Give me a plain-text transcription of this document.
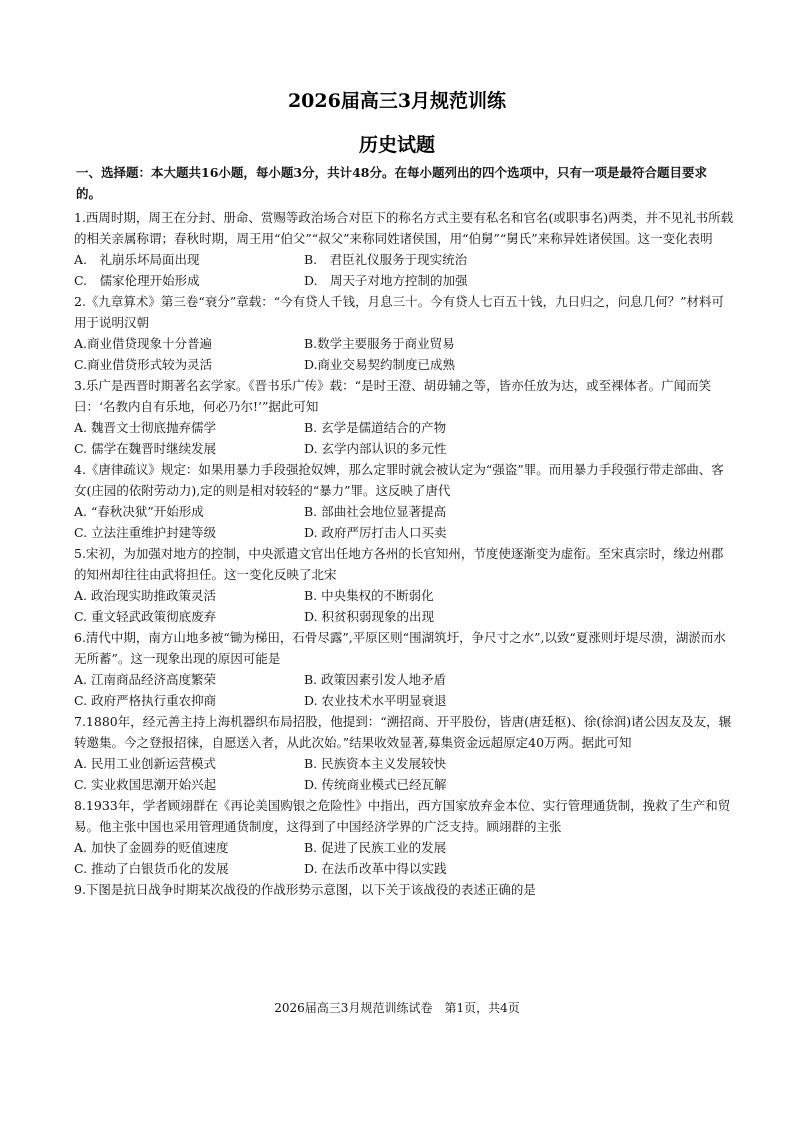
2026届高三3月规范训练
历史试题
一、选择题：本大题共16小题，每小题3分，共计48分。在每小题列出的四个选项中，只有一项是最符合题目要求的。

1.西周时期，周王在分封、册命、赏赐等政治场合对臣下的称名方式主要有私名和官名(或职事名)两类，并不见礼书所载的相关亲属称谓；春秋时期，周王用“伯父”“叔父”来称同姓诸侯国，用“伯舅”“舅氏”来称异姓诸侯国。这一变化表明

A.　礼崩乐坏局面出现	B.　君臣礼仪服务于现实统治
C.　儒家伦理开始形成	D.　周天子对地方控制的加强

2.《九章算术》第三卷“衰分”章载：“今有贷人千钱，月息三十。今有贷人七百五十钱，九日归之，问息几何？”材料可用于说明汉朝

A.商业借贷现象十分普遍	B.数学主要服务于商业贸易
C.商业借贷形式较为灵活	D.商业交易契约制度已成熟

3.乐广是西晋时期著名玄学家。《晋书乐广传》载：“是时王澄、胡毋辅之等，皆亦任放为达，或至裸体者。广闻而笑曰：‘名教内自有乐地，何必乃尔!’”据此可知

A. 魏晋文士彻底抛弃儒学	B. 玄学是儒道结合的产物
C. 儒学在魏晋时继续发展	D. 玄学内部认识的多元性

4.《唐律疏议》规定：如果用暴力手段强抢奴婢，那么定罪时就会被认定为“强盗”罪。而用暴力手段强行带走部曲、客女(庄园的依附劳动力),定的则是相对较轻的“暴力”罪。这反映了唐代

A. “春秋决狱”开始形成	B. 部曲社会地位显著提高
C. 立法注重维护封建等级	D. 政府严厉打击人口买卖

5.宋初，为加强对地方的控制，中央派遣文官出任地方各州的长官知州，节度使逐渐变为虚衔。至宋真宗时，缘边州郡的知州却往往由武将担任。这一变化反映了北宋

A. 政治现实助推政策灵活	B. 中央集权的不断弱化
C. 重文轻武政策彻底废弃	D. 积贫积弱现象的出现

6.清代中期，南方山地多被“锄为梯田，石骨尽露”,平原区则“围湖筑圩，争尺寸之水”,以致“夏涨则圩堤尽溃，湖淤而水无所蓄”。这一现象出现的原因可能是

A. 江南商品经济高度繁荣	B. 政策因素引发人地矛盾
C. 政府严格执行重农抑商	D. 农业技术水平明显衰退

7.1880年，经元善主持上海机器织布局招股，他提到：“溯招商、开平股份，皆唐(唐廷枢)、徐(徐润)诸公因友及友，辗转邀集。今之登报招徕，自愿送入者，从此次始。”结果收效显著,募集资金远超原定40万两。据此可知

A. 民用工业创新运营模式	B. 民族资本主义发展较快
C. 实业救国思潮开始兴起	D. 传统商业模式已经瓦解

8.1933年，学者顾翊群在《再论美国购银之危险性》中指出，西方国家放弃金本位、实行管理通货制，挽救了生产和贸易。他主张中国也采用管理通货制度，这得到了中国经济学界的广泛支持。顾翊群的主张

A. 加快了金圆券的贬值速度	B. 促进了民族工业的发展
C. 推动了白银货币化的发展	D. 在法币改革中得以实践

9.下图是抗日战争时期某次战役的作战形势示意图，以下关于该战役的表述正确的是

2026届高三3月规范训练试卷　第1页，共4页
